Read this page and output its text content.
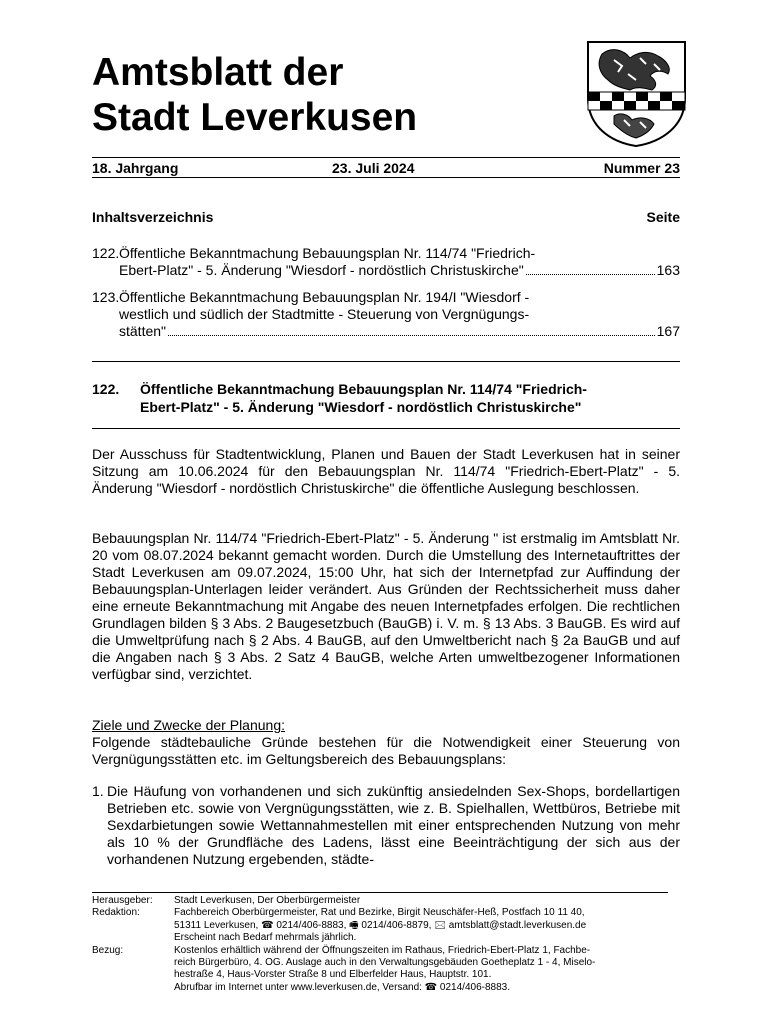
Amtsblatt der
Stadt Leverkusen
18. Jahrgang	23. Juli 2024	Nummer 23
Inhaltsverzeichnis	Seite
122. Öffentliche Bekanntmachung Bebauungsplan Nr. 114/74 "Friedrich-
Ebert-Platz" - 5. Änderung "Wiesdorf - nordöstlich Christuskirche"	163
123. Öffentliche Bekanntmachung Bebauungsplan Nr. 194/I "Wiesdorf -
westlich und südlich der Stadtmitte - Steuerung von Vergnügungs-
stätten"	167
122. Öffentliche Bekanntmachung Bebauungsplan Nr. 114/74 "Friedrich-
Ebert-Platz" - 5. Änderung "Wiesdorf - nordöstlich Christuskirche"

Der Ausschuss für Stadtentwicklung, Planen und Bauen der Stadt Leverkusen hat in seiner Sitzung am 10.06.2024 für den Bebauungsplan Nr. 114/74 "Friedrich-Ebert-Platz" - 5. Änderung "Wiesdorf - nordöstlich Christuskirche" die öffentliche Auslegung beschlossen.

Bebauungsplan Nr. 114/74 "Friedrich-Ebert-Platz" - 5. Änderung " ist erstmalig im Amtsblatt Nr. 20 vom 08.07.2024 bekannt gemacht worden. Durch die Umstellung des Internetauftrittes der Stadt Leverkusen am 09.07.2024, 15:00 Uhr, hat sich der Internetpfad zur Auffindung der Bebauungsplan-Unterlagen leider verändert. Aus Gründen der Rechtssicherheit muss daher eine erneute Bekanntmachung mit Angabe des neuen Internetpfades erfolgen. Die rechtlichen Grundlagen bilden § 3 Abs. 2 Baugesetzbuch (BauGB) i. V. m. § 13 Abs. 3 BauGB. Es wird auf die Umweltprüfung nach § 2 Abs. 4 BauGB, auf den Umweltbericht nach § 2a BauGB und auf die Angaben nach § 3 Abs. 2 Satz 4 BauGB, welche Arten umweltbezogener Informationen verfügbar sind, verzichtet.

Ziele und Zwecke der Planung:
Folgende städtebauliche Gründe bestehen für die Notwendigkeit einer Steuerung von Vergnügungsstätten etc. im Geltungsbereich des Bebauungsplans:
1. Die Häufung von vorhandenen und sich zukünftig ansiedelnden Sex-Shops, bordellartigen Betrieben etc. sowie von Vergnügungsstätten, wie z. B. Spielhallen, Wettbüros, Betriebe mit Sexdarbietungen sowie Wettannahmestellen mit einer entsprechenden Nutzung von mehr als 10 % der Grundfläche des Ladens, lässt eine Beeinträchtigung der sich aus der vorhandenen Nutzung ergebenden, städte-
Herausgeber:	Stadt Leverkusen, Der Oberbürgermeister
Redaktion:	Fachbereich Oberbürgermeister, Rat und Bezirke, Birgit Neuschäfer-Heß, Postfach 10 11 40,
51311 Leverkusen, ☎ 0214/406-8883, 🖷 0214/406-8879, 🖂 amtsblatt@stadt.leverkusen.de
Erscheint nach Bedarf mehrmals jährlich.
Bezug:	Kostenlos erhältlich während der Öffnungszeiten im Rathaus, Friedrich-Ebert-Platz 1, Fachbe-
reich Bürgerbüro, 4. OG. Auslage auch in den Verwaltungsgebäuden Goetheplatz 1 - 4, Miselo-
hestraße 4, Haus-Vorster Straße 8 und Elberfelder Haus, Hauptstr. 101.
Abrufbar im Internet unter www.leverkusen.de, Versand: ☎ 0214/406-8883.
